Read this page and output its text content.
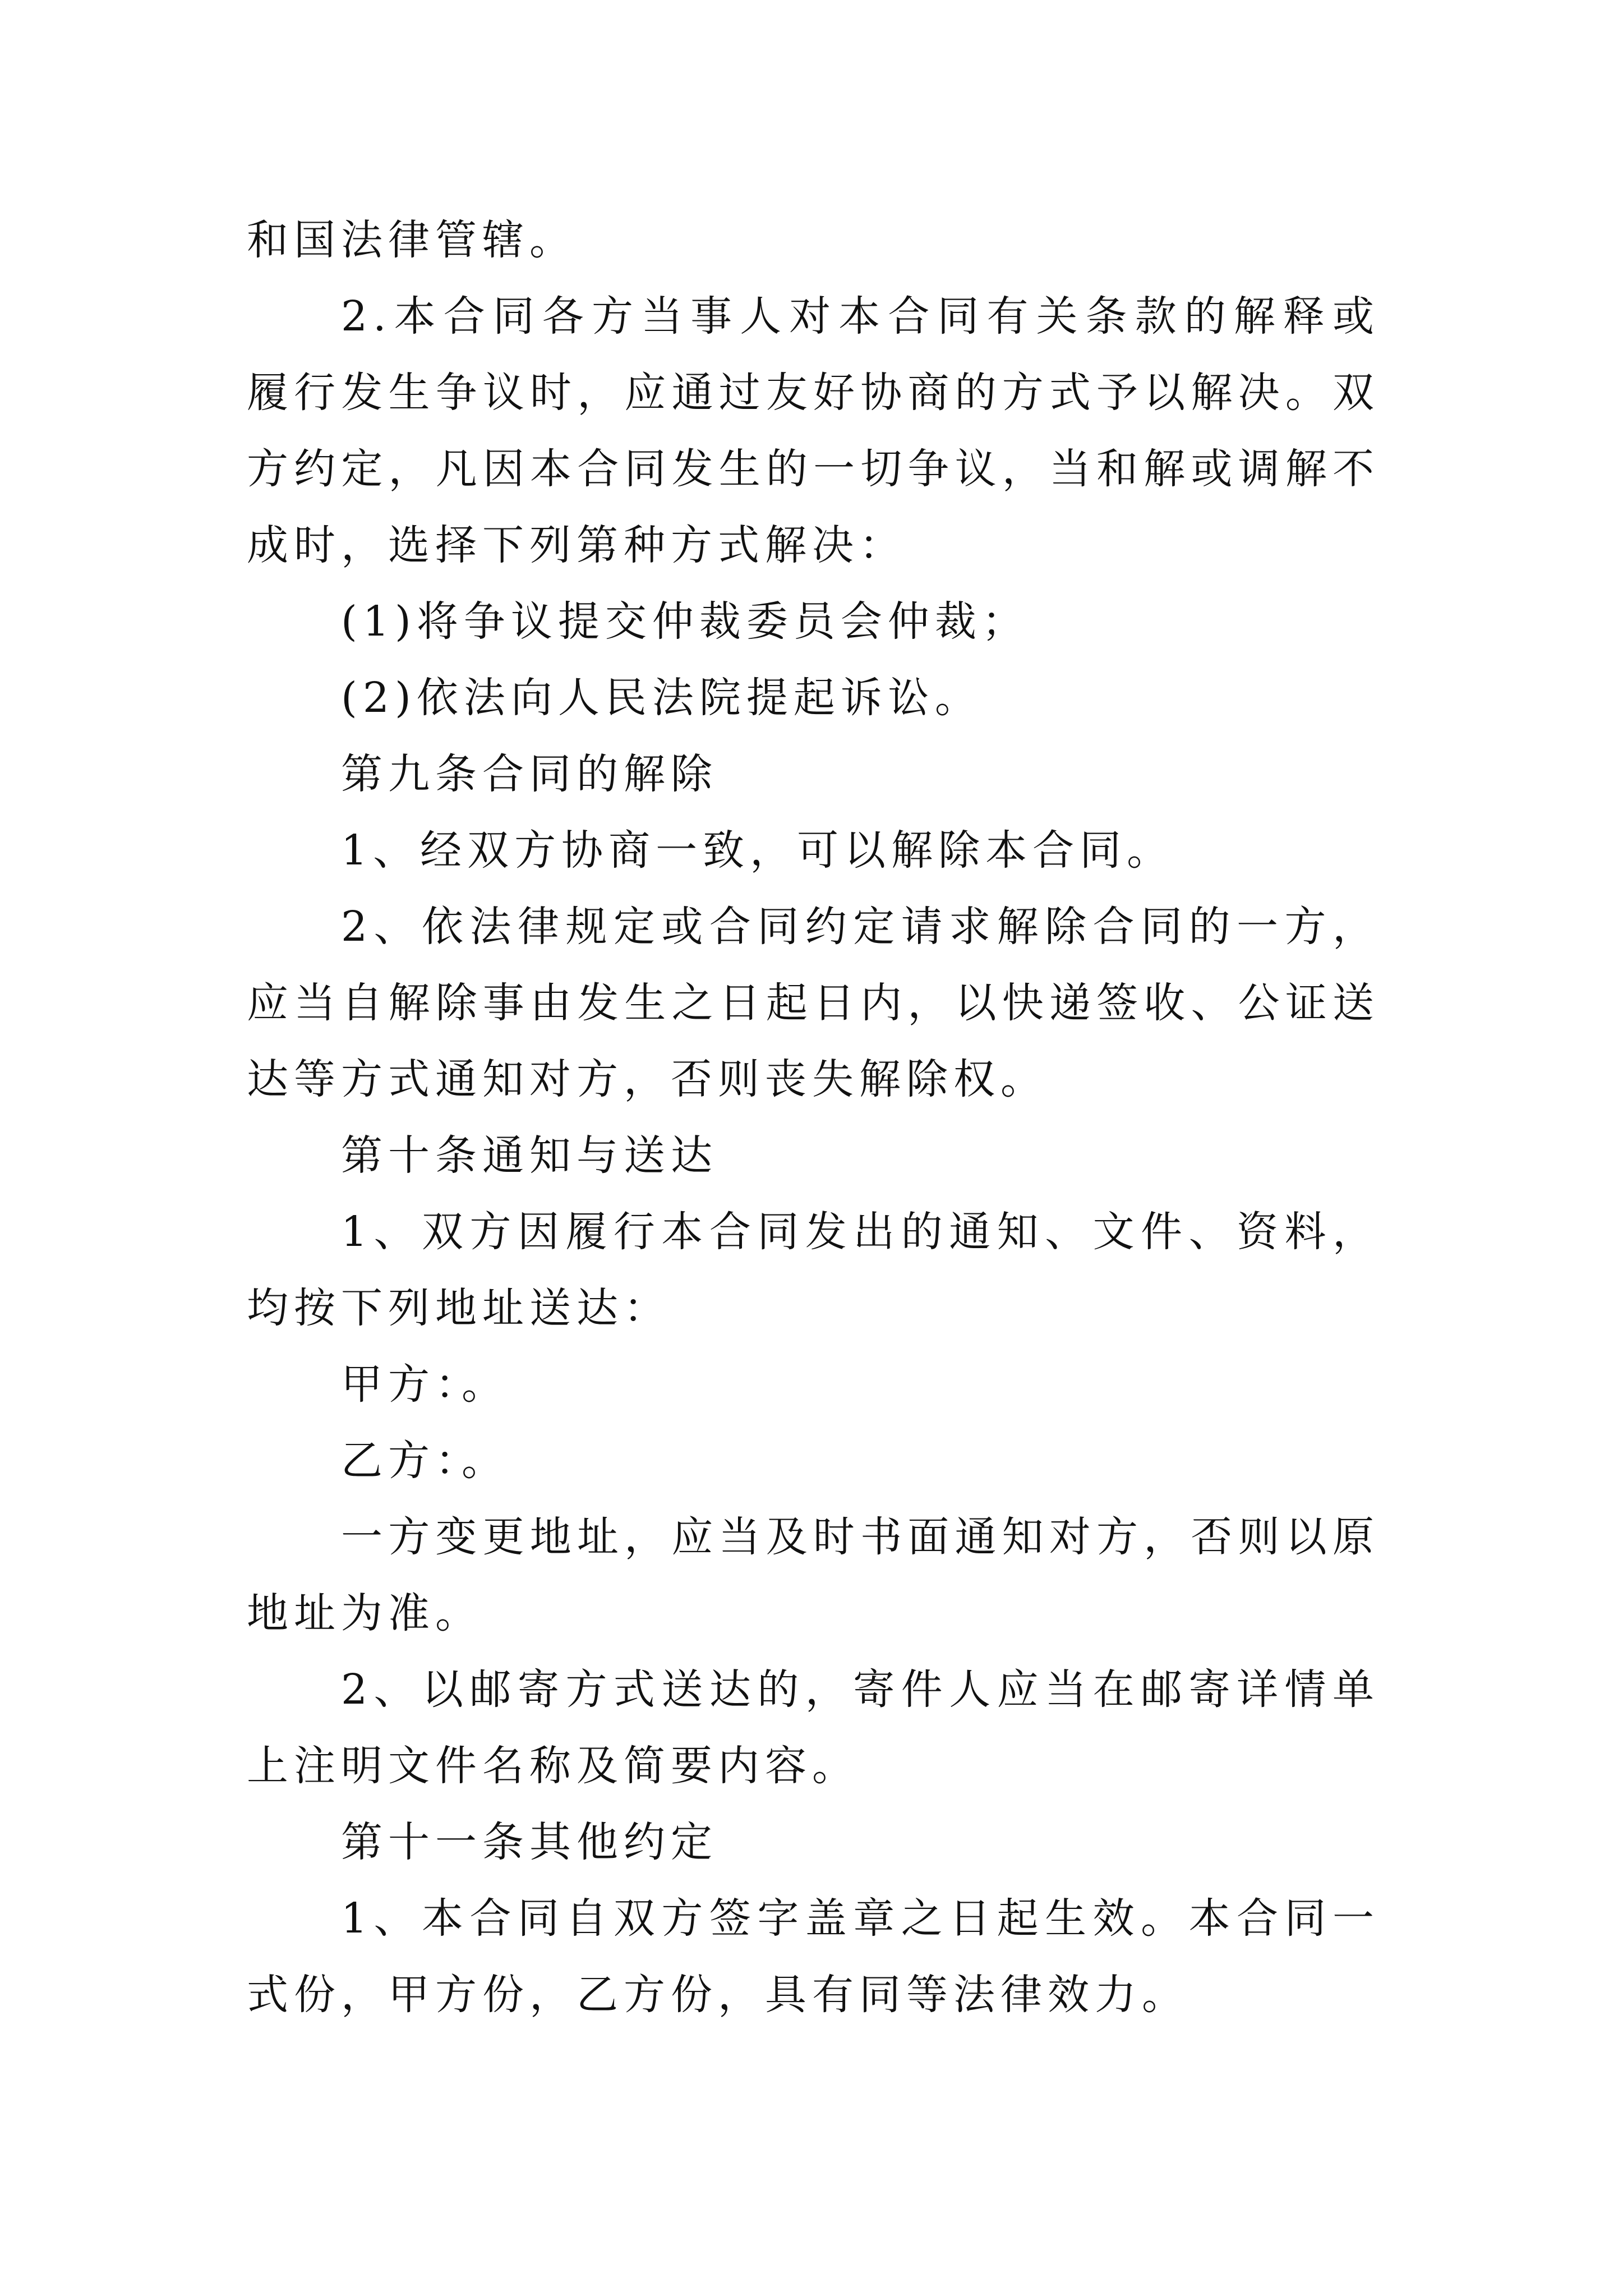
和国法律管辖。

2.本合同各方当事人对本合同有关条款的解释或履行发生争议时，应通过友好协商的方式予以解决。双方约定，凡因本合同发生的一切争议，当和解或调解不成时，选择下列第种方式解决：

(1)将争议提交仲裁委员会仲裁；

(2)依法向人民法院提起诉讼。

第九条合同的解除

1、经双方协商一致，可以解除本合同。

2、依法律规定或合同约定请求解除合同的一方，应当自解除事由发生之日起日内，以快递签收、公证送达等方式通知对方，否则丧失解除权。

第十条通知与送达

1、双方因履行本合同发出的通知、文件、资料，均按下列地址送达：

甲方：。

乙方：。

一方变更地址，应当及时书面通知对方，否则以原地址为准。

2、以邮寄方式送达的，寄件人应当在邮寄详情单上注明文件名称及简要内容。

第十一条其他约定

1、本合同自双方签字盖章之日起生效。本合同一式份，甲方份，乙方份，具有同等法律效力。
